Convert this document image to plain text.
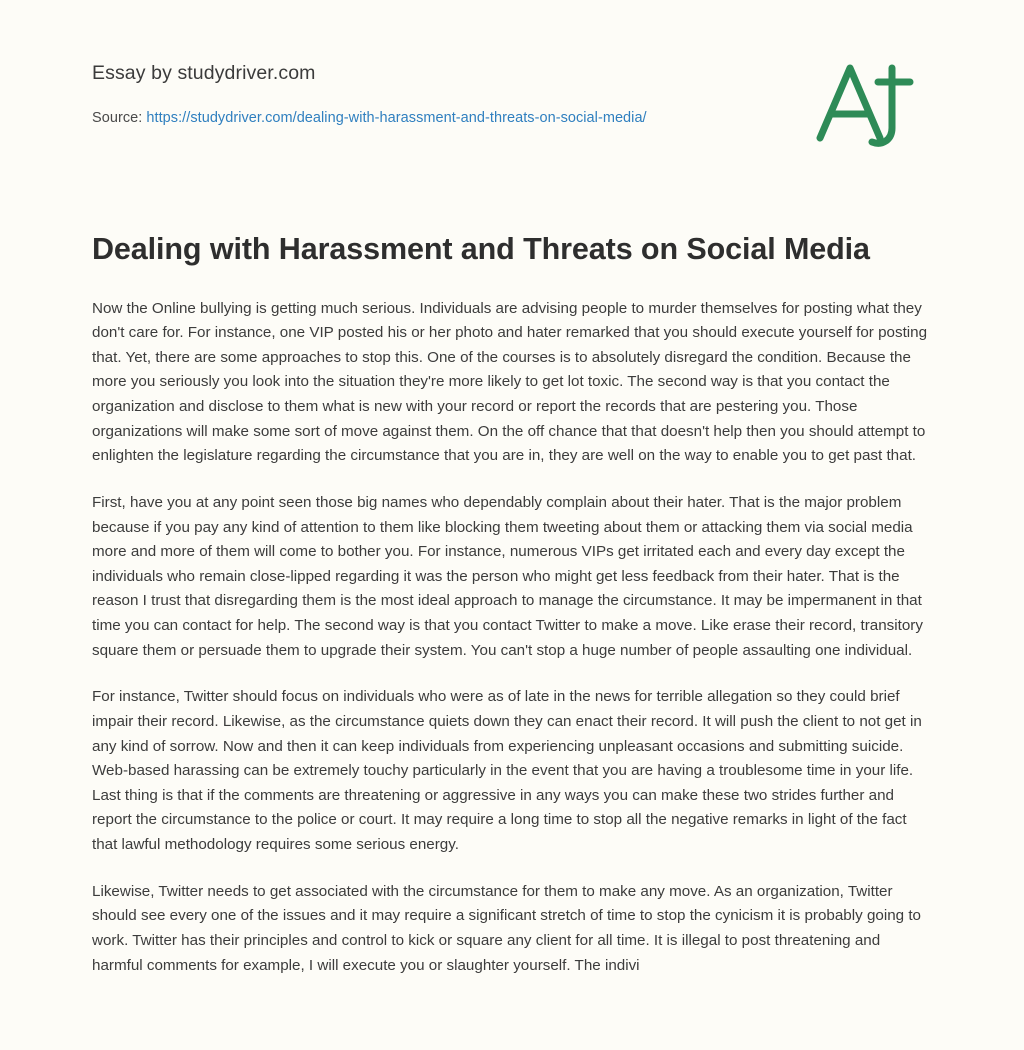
Essay by studydriver.com
Source: https://studydriver.com/dealing-with-harassment-and-threats-on-social-media/
Dealing with Harassment and Threats on Social Media

Now the Online bullying is getting much serious. Individuals are advising people to murder themselves for posting what they don't care for. For instance, one VIP posted his or her photo and hater remarked that you should execute yourself for posting that. Yet, there are some approaches to stop this. One of the courses is to absolutely disregard the condition. Because the more you seriously you look into the situation they're more likely to get lot toxic. The second way is that you contact the organization and disclose to them what is new with your record or report the records that are pestering you. Those organizations will make some sort of move against them. On the off chance that that doesn't help then you should attempt to enlighten the legislature regarding the circumstance that you are in, they are well on the way to enable you to get past that.

First, have you at any point seen those big names who dependably complain about their hater. That is the major problem because if you pay any kind of attention to them like blocking them tweeting about them or attacking them via social media more and more of them will come to bother you. For instance, numerous VIPs get irritated each and every day except the individuals who remain close-lipped regarding it was the person who might get less feedback from their hater. That is the reason I trust that disregarding them is the most ideal approach to manage the circumstance. It may be impermanent in that time you can contact for help. The second way is that you contact Twitter to make a move. Like erase their record, transitory square them or persuade them to upgrade their system. You can't stop a huge number of people assaulting one individual.

For instance, Twitter should focus on individuals who were as of late in the news for terrible allegation so they could brief impair their record. Likewise, as the circumstance quiets down they can enact their record. It will push the client to not get in any kind of sorrow. Now and then it can keep individuals from experiencing unpleasant occasions and submitting suicide. Web-based harassing can be extremely touchy particularly in the event that you are having a troublesome time in your life. Last thing is that if the comments are threatening or aggressive in any ways you can make these two strides further and report the circumstance to the police or court. It may require a long time to stop all the negative remarks in light of the fact that lawful methodology requires some serious energy.

Likewise, Twitter needs to get associated with the circumstance for them to make any move. As an organization, Twitter should see every one of the issues and it may require a significant stretch of time to stop the cynicism it is probably going to work. Twitter has their principles and control to kick or square any client for all time. It is illegal to post threatening and harmful comments for example, I will execute you or slaughter yourself. The indivi
